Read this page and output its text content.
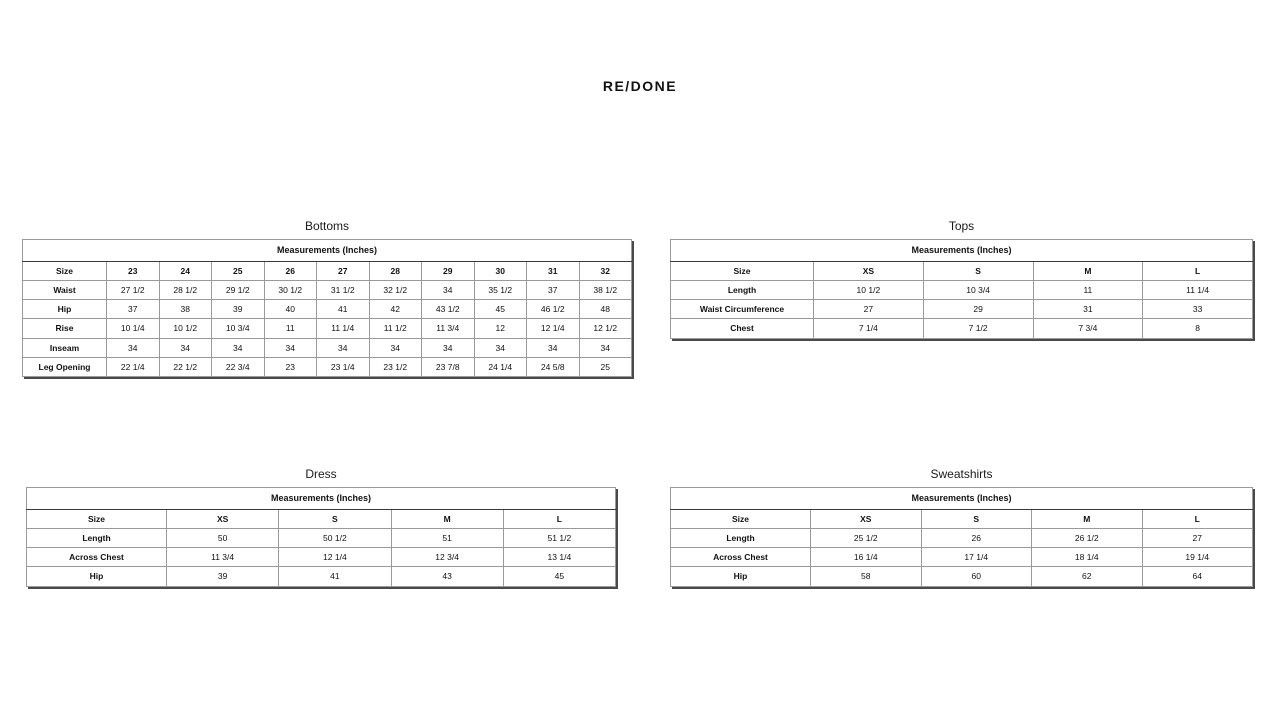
RE/DONE
Bottoms
Measurements (Inches)										
Size	23	24	25	26	27	28	29	30	31	32
Waist	27 1/2	28 1/2	29 1/2	30 1/2	31 1/2	32 1/2	34	35 1/2	37	38 1/2
Hip	37	38	39	40	41	42	43 1/2	45	46 1/2	48
Rise	10 1/4	10 1/2	10 3/4	11	11 1/4	11 1/2	11 3/4	12	12 1/4	12 1/2
Inseam	34	34	34	34	34	34	34	34	34	34
Leg Opening	22 1/4	22 1/2	22 3/4	23	23 1/4	23 1/2	23 7/8	24 1/4	24 5/8	25
Tops
Measurements (Inches)				
Size	XS	S	M	L
Length	10 1/2	10 3/4	11	11 1/4
Waist Circumference	27	29	31	33
Chest	7 1/4	7 1/2	7 3/4	8
Dress
Measurements (Inches)				
Size	XS	S	M	L
Length	50	50 1/2	51	51 1/2
Across Chest	11 3/4	12 1/4	12 3/4	13 1/4
Hip	39	41	43	45
Sweatshirts
Measurements (Inches)				
Size	XS	S	M	L
Length	25 1/2	26	26 1/2	27
Across Chest	16 1/4	17 1/4	18 1/4	19 1/4
Hip	58	60	62	64
